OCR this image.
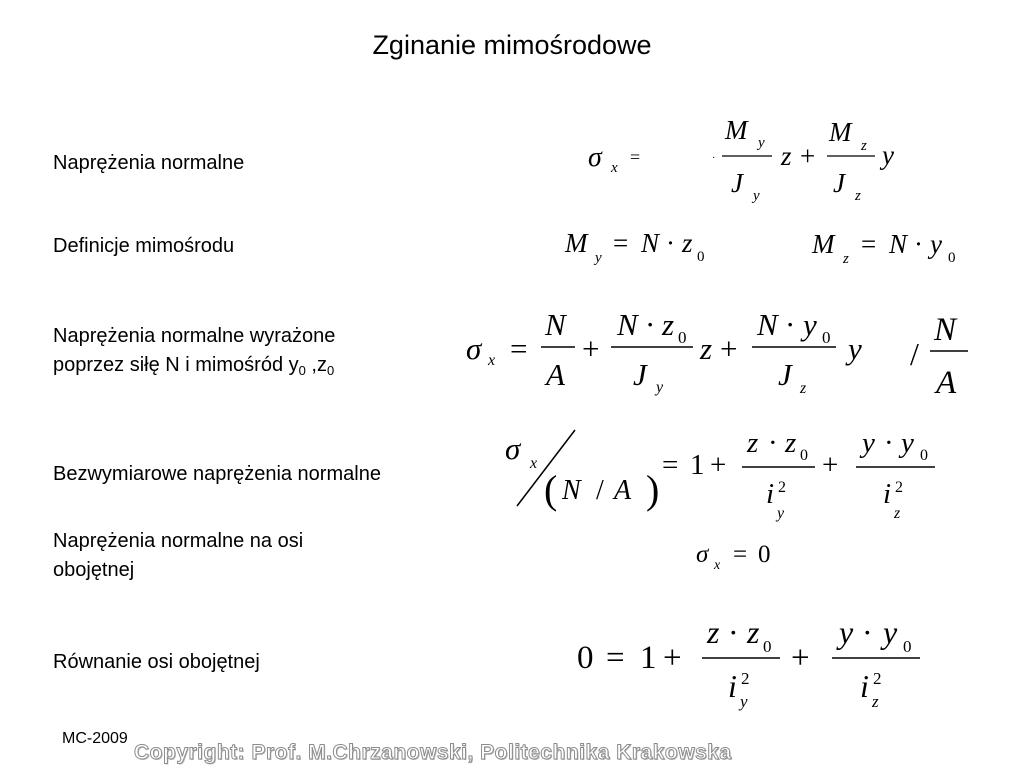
Zginanie mimośrodowe
Naprężenia normalne
Definicje mimośrodu
Naprężenia normalne wyrażone
poprzez siłę N i mimośród $y_0$ $,z_0$
Bezwymiarowe naprężenia normalne
Naprężenia normalne na osi
obojętnej
Równanie osi obojętnej
σ x
=	·
M y
J y
z +
M z
J z
y
M y = N · z 0	M z = N · y 0
σ x =
N
A
+
N · z 0
J y
z +
N · y 0
J z
y /
N
A
σ x
( N / A )
= 1 +
z · z 0
i 2
y
+
y · y 0
i 2
z
σ x = 0
0 = 1 +
z · z 0
i 2
y
+
y · y 0
i 2
z
MC-2009
Copyright: Prof. M.Chrzanowski, Politechnika Krakowska
